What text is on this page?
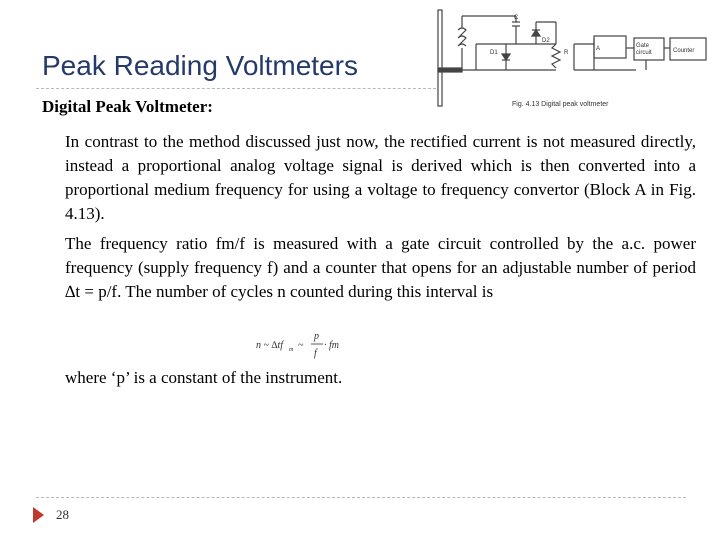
Peak Reading Voltmeters
C
D1
D2
R
A	Gate
circuit	Counter
Fig. 4.13 Digital peak voltmeter
Digital Peak Voltmeter:
In contrast to the method discussed just now, the rectified current is not measured directly, instead a proportional analog voltage signal is derived which is then converted into a proportional medium frequency for using a voltage to frequency convertor (Block A in Fig. 4.13).
The frequency ratio fm/f is measured with a gate circuit controlled by the a.c. power frequency (supply frequency f) and a counter that opens for an adjustable number of period ∆t = p/f. The number of cycles n counted during this interval is
n ~ ∆tf m ~
p
f
· fm
where ‘p’ is a constant of the instrument.
28
